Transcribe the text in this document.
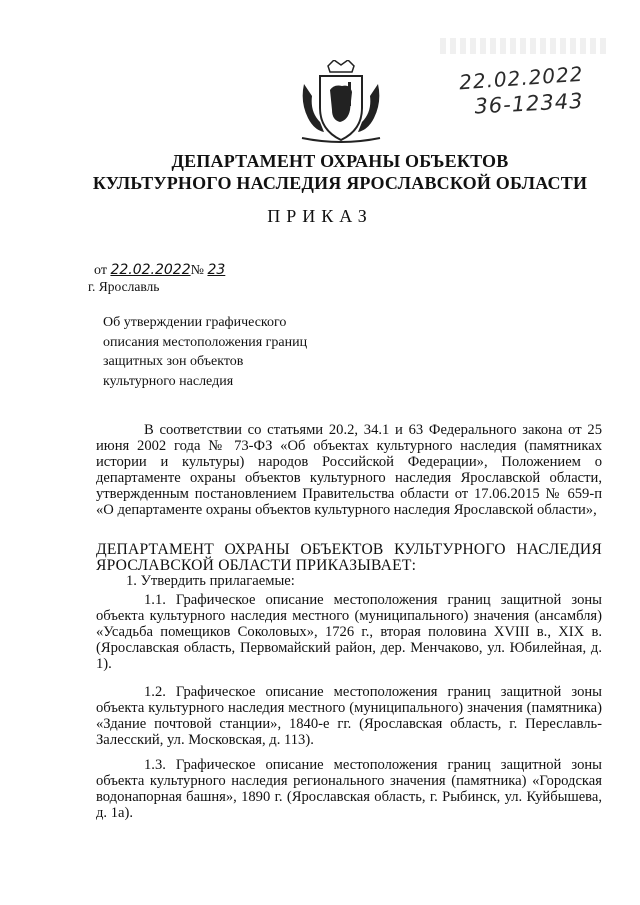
22.02.2022
36-12343
ДЕПАРТАМЕНТ ОХРАНЫ ОБЪЕКТОВ
КУЛЬТУРНОГО НАСЛЕДИЯ ЯРОСЛАВСКОЙ ОБЛАСТИ
ПРИКАЗ
от 22.02.2022№ 23
г. Ярославль
Об утверждении графического
описания местоположения границ
защитных зон объектов
культурного наследия

В соответствии со статьями 20.2, 34.1 и 63 Федерального закона от 25 июня 2002 года № 73-ФЗ «Об объектах культурного наследия (памятниках истории и культуры) народов Российской Федерации», Положением о департаменте охраны объектов культурного наследия Ярославской области, утвержденным постановлением Правительства области от 17.06.2015 № 659-п «О департаменте охраны объектов культурного наследия Ярославской области»,

ДЕПАРТАМЕНТ ОХРАНЫ ОБЪЕКТОВ КУЛЬТУРНОГО НАСЛЕДИЯ ЯРОСЛАВСКОЙ ОБЛАСТИ ПРИКАЗЫВАЕТ:

1. Утвердить прилагаемые:

1.1. Графическое описание местоположения границ защитной зоны объекта культурного наследия местного (муниципального) значения (ансамбля) «Усадьба помещиков Соколовых», 1726 г., вторая половина XVIII в., XIX в. (Ярославская область, Первомайский район, дер. Менчаково, ул. Юбилейная, д. 1).

1.2. Графическое описание местоположения границ защитной зоны объекта культурного наследия местного (муниципального) значения (памятника) «Здание почтовой станции», 1840-е гг. (Ярославская область, г. Переславль-Залесский, ул. Московская, д. 113).

1.3. Графическое описание местоположения границ защитной зоны объекта культурного наследия регионального значения (памятника) «Городская водонапорная башня», 1890 г. (Ярославская область, г. Рыбинск, ул. Куйбышева, д. 1а).
